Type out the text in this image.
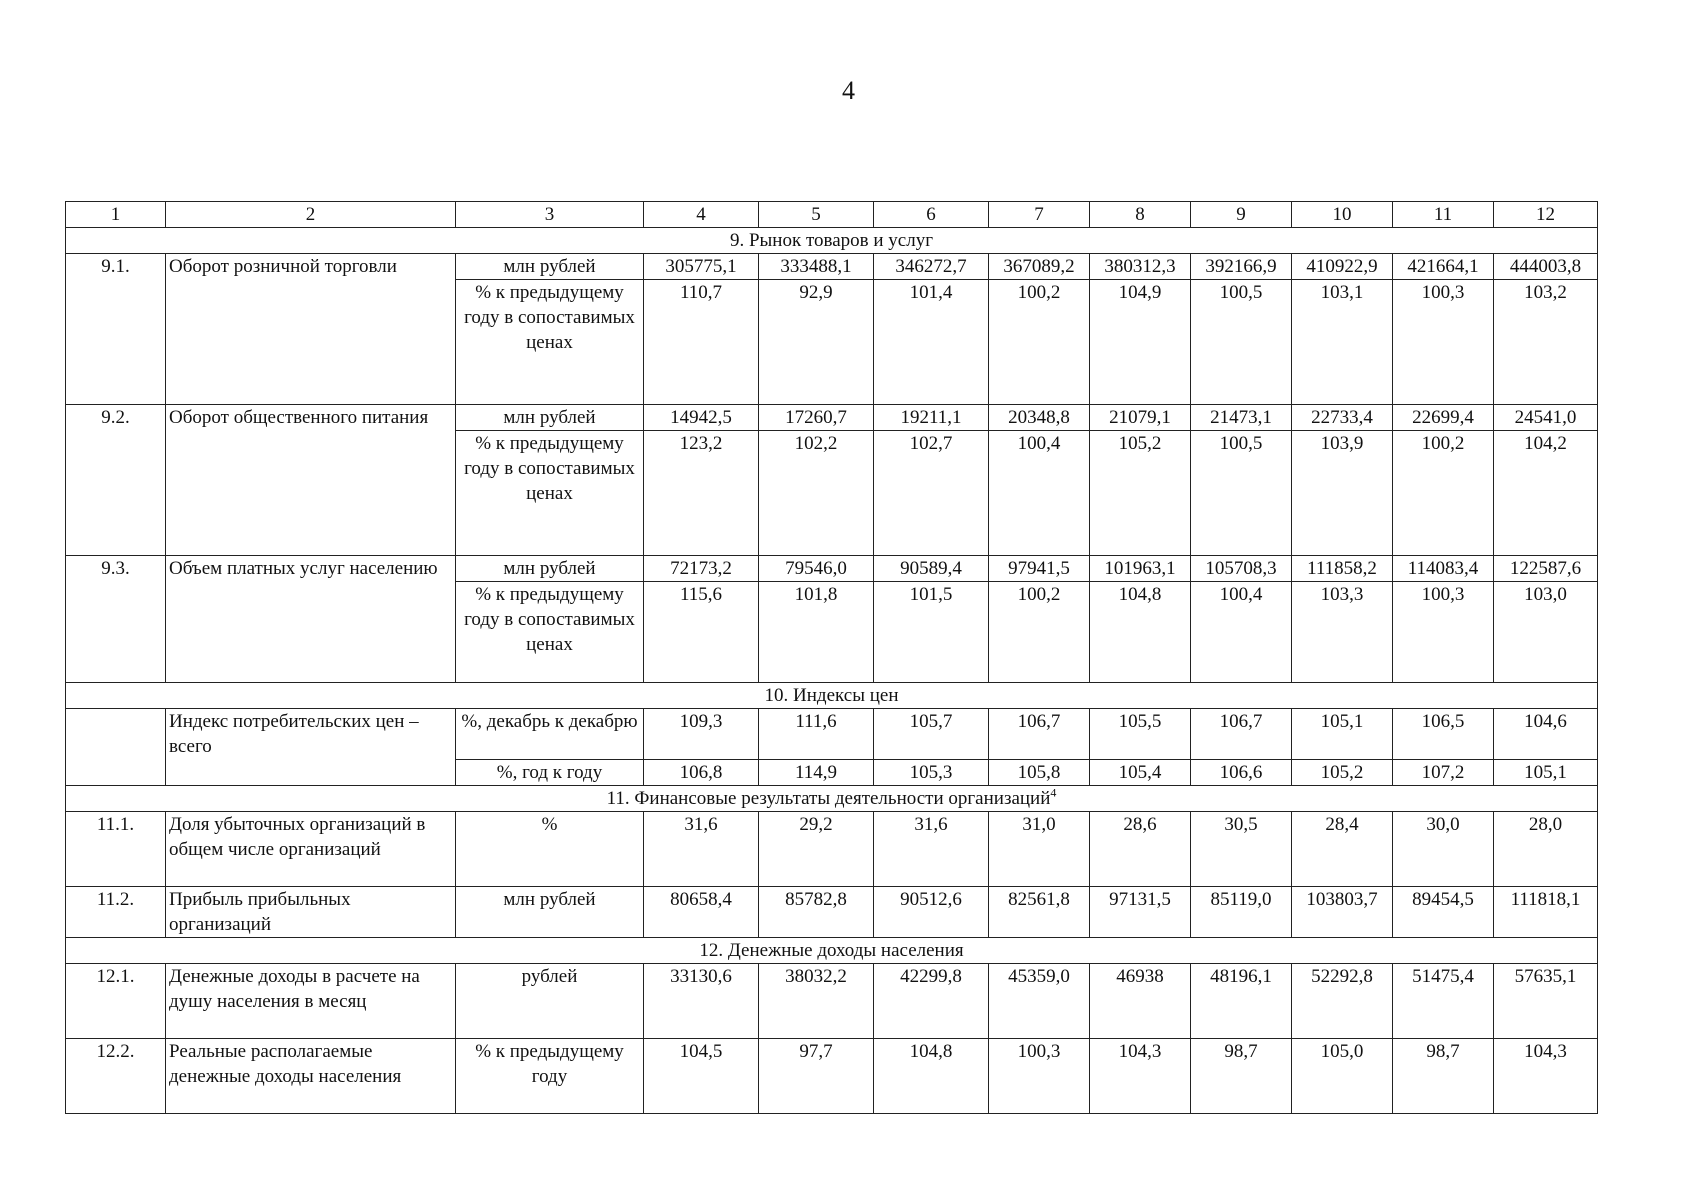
4
1	2	3	4	5	6	7	8	9	10	11	12
9. Рынок товаров и услуг											
9.1.	Оборот розничной торговли	млн рублей	305775,1	333488,1	346272,7	367089,2	380312,3	392166,9	410922,9	421664,1	444003,8
		% к предыдущему году в сопоставимых ценах	110,7	92,9	101,4	100,2	104,9	100,5	103,1	100,3	103,2
9.2.	Оборот общественного питания	млн рублей	14942,5	17260,7	19211,1	20348,8	21079,1	21473,1	22733,4	22699,4	24541,0
		% к предыдущему году в сопоставимых ценах	123,2	102,2	102,7	100,4	105,2	100,5	103,9	100,2	104,2
9.3.	Объем платных услуг населению	млн рублей	72173,2	79546,0	90589,4	97941,5	101963,1	105708,3	111858,2	114083,4	122587,6
		% к предыдущему году в сопоставимых ценах	115,6	101,8	101,5	100,2	104,8	100,4	103,3	100,3	103,0
10. Индексы цен											
	Индекс потребительских цен – всего	%, декабрь к декабрю	109,3	111,6	105,7	106,7	105,5	106,7	105,1	106,5	104,6
		%, год к году	106,8	114,9	105,3	105,8	105,4	106,6	105,2	107,2	105,1
11. Финансовые результаты деятельности организаций$^4$
11.1.	Доля убыточных организаций в общем числе организаций	%	31,6	29,2	31,6	31,0	28,6	30,5	28,4	30,0	28,0
11.2.	Прибыль прибыльных организаций	млн рублей	80658,4	85782,8	90512,6	82561,8	97131,5	85119,0	103803,7	89454,5	111818,1
12. Денежные доходы населения											
12.1.	Денежные доходы в расчете на душу населения в месяц	рублей	33130,6	38032,2	42299,8	45359,0	46938	48196,1	52292,8	51475,4	57635,1
12.2.	Реальные располагаемые денежные доходы населения	% к предыдущему году	104,5	97,7	104,8	100,3	104,3	98,7	105,0	98,7	104,3
